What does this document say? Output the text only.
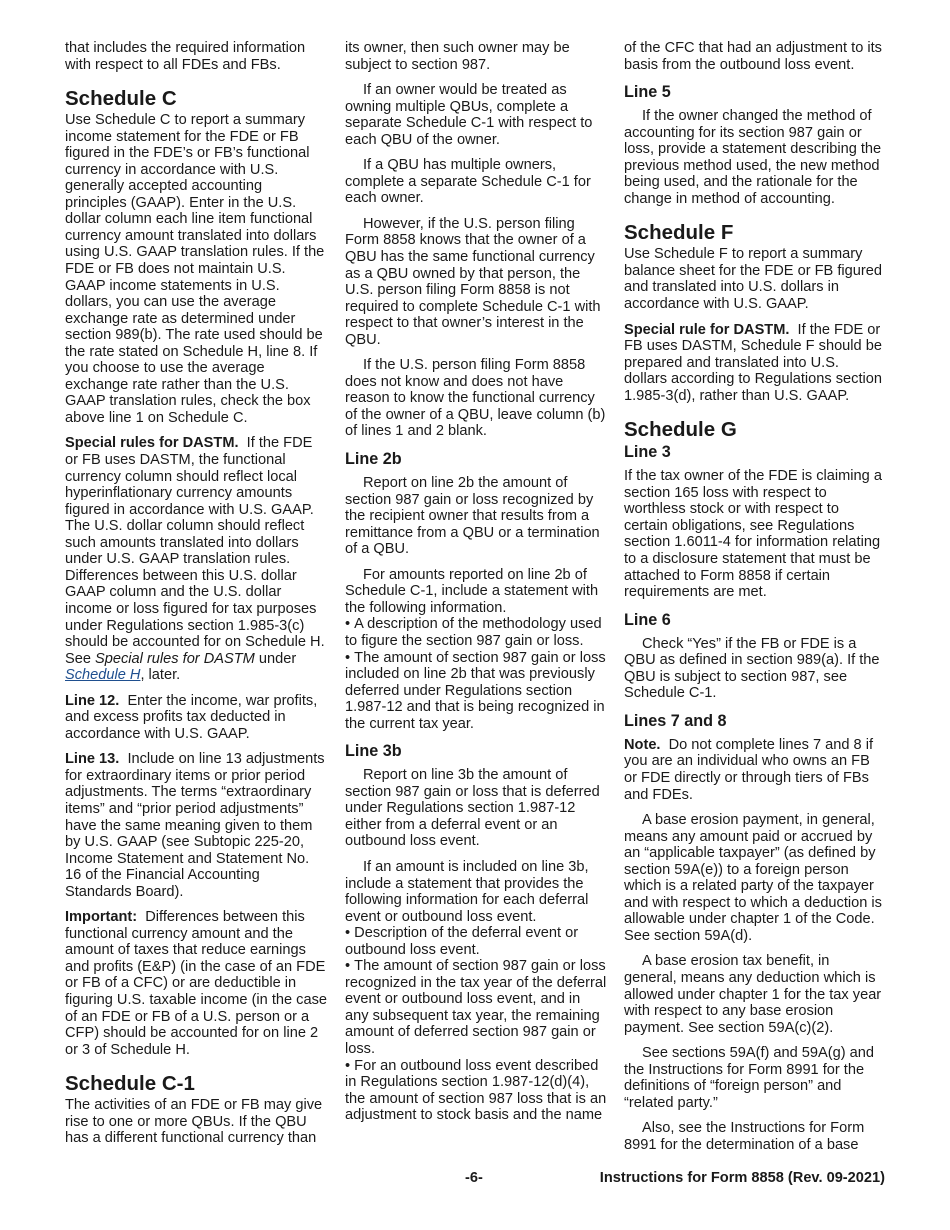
that includes the required information with respect to all FDEs and FBs.

Schedule C

Use Schedule C to report a summary income statement for the FDE or FB figured in the FDE’s or FB’s functional currency in accordance with U.S. generally accepted accounting principles (GAAP). Enter in the U.S. dollar column each line item functional currency amount translated into dollars using U.S. GAAP translation rules. If the FDE or FB does not maintain U.S. GAAP income statements in U.S. dollars, you can use the average exchange rate as determined under section 989(b). The rate used should be the rate stated on Schedule H, line 8. If you choose to use the average exchange rate rather than the U.S. GAAP translation rules, check the box above line 1 on Schedule C.

Special rules for DASTM. If the FDE or FB uses DASTM, the functional currency column should reflect local hyperinflationary currency amounts figured in accordance with U.S. GAAP. The U.S. dollar column should reflect such amounts translated into dollars under U.S. GAAP translation rules. Differences between this U.S. dollar GAAP column and the U.S. dollar income or loss figured for tax purposes under Regulations section 1.985-3(c) should be accounted for on Schedule H. See Special rules for DASTM under Schedule H, later.

Line 12. Enter the income, war profits, and excess profits tax deducted in accordance with U.S. GAAP.

Line 13. Include on line 13 adjustments for extraordinary items or prior period adjustments. The terms “extraordinary items” and “prior period adjustments” have the same meaning given to them by U.S. GAAP (see Subtopic 225-20, Income Statement and Statement No. 16 of the Financial Accounting Standards Board).

Important: Differences between this functional currency amount and the amount of taxes that reduce earnings and profits (E&P) (in the case of an FDE or FB of a CFC) or are deductible in figuring U.S. taxable income (in the case of an FDE or FB of a U.S. person or a CFP) should be accounted for on line 2 or 3 of Schedule H.

Schedule C-1

The activities of an FDE or FB may give rise to one or more QBUs. If the QBU has a different functional currency than

its owner, then such owner may be subject to section 987.

If an owner would be treated as owning multiple QBUs, complete a separate Schedule C-1 with respect to each QBU of the owner.

If a QBU has multiple owners, complete a separate Schedule C-1 for each owner.

However, if the U.S. person filing Form 8858 knows that the owner of a QBU has the same functional currency as a QBU owned by that person, the U.S. person filing Form 8858 is not required to complete Schedule C-1 with respect to that owner’s interest in the QBU.

If the U.S. person filing Form 8858 does not know and does not have reason to know the functional currency of the owner of a QBU, leave column (b) of lines 1 and 2 blank.

Line 2b

Report on line 2b the amount of section 987 gain or loss recognized by the recipient owner that results from a remittance from a QBU or a termination of a QBU.

For amounts reported on line 2b of Schedule C-1, include a statement with the following information.

• A description of the methodology used to figure the section 987 gain or loss.

• The amount of section 987 gain or loss included on line 2b that was previously deferred under Regulations section 1.987-12 and that is being recognized in the current tax year.

Line 3b

Report on line 3b the amount of section 987 gain or loss that is deferred under Regulations section 1.987-12 either from a deferral event or an outbound loss event.

If an amount is included on line 3b, include a statement that provides the following information for each deferral event or outbound loss event.

• Description of the deferral event or outbound loss event.

• The amount of section 987 gain or loss recognized in the tax year of the deferral event or outbound loss event, and in any subsequent tax year, the remaining amount of deferred section 987 gain or loss.

• For an outbound loss event described in Regulations section 1.987-12(d)(4), the amount of section 987 loss that is an adjustment to stock basis and the name

of the CFC that had an adjustment to its basis from the outbound loss event.

Line 5

If the owner changed the method of accounting for its section 987 gain or loss, provide a statement describing the previous method used, the new method being used, and the rationale for the change in method of accounting.

Schedule F

Use Schedule F to report a summary balance sheet for the FDE or FB figured and translated into U.S. dollars in accordance with U.S. GAAP.

Special rule for DASTM. If the FDE or FB uses DASTM, Schedule F should be prepared and translated into U.S. dollars according to Regulations section 1.985-3(d), rather than U.S. GAAP.

Schedule G
Line 3

If the tax owner of the FDE is claiming a section 165 loss with respect to worthless stock or with respect to certain obligations, see Regulations section 1.6011-4 for information relating to a disclosure statement that must be attached to Form 8858 if certain requirements are met.

Line 6

Check “Yes” if the FB or FDE is a QBU as defined in section 989(a). If the QBU is subject to section 987, see Schedule C-1.

Lines 7 and 8

Note. Do not complete lines 7 and 8 if you are an individual who owns an FB or FDE directly or through tiers of FBs and FDEs.

A base erosion payment, in general, means any amount paid or accrued by an “applicable taxpayer” (as defined by section 59A(e)) to a foreign person which is a related party of the taxpayer and with respect to which a deduction is allowable under chapter 1 of the Code. See section 59A(d).

A base erosion tax benefit, in general, means any deduction which is allowed under chapter 1 for the tax year with respect to any base erosion payment. See section 59A(c)(2).

See sections 59A(f) and 59A(g) and the Instructions for Form 8991 for the definitions of “foreign person” and “related party.”

Also, see the Instructions for Form 8991 for the determination of a base

-6-	Instructions for Form 8858 (Rev. 09-2021)
